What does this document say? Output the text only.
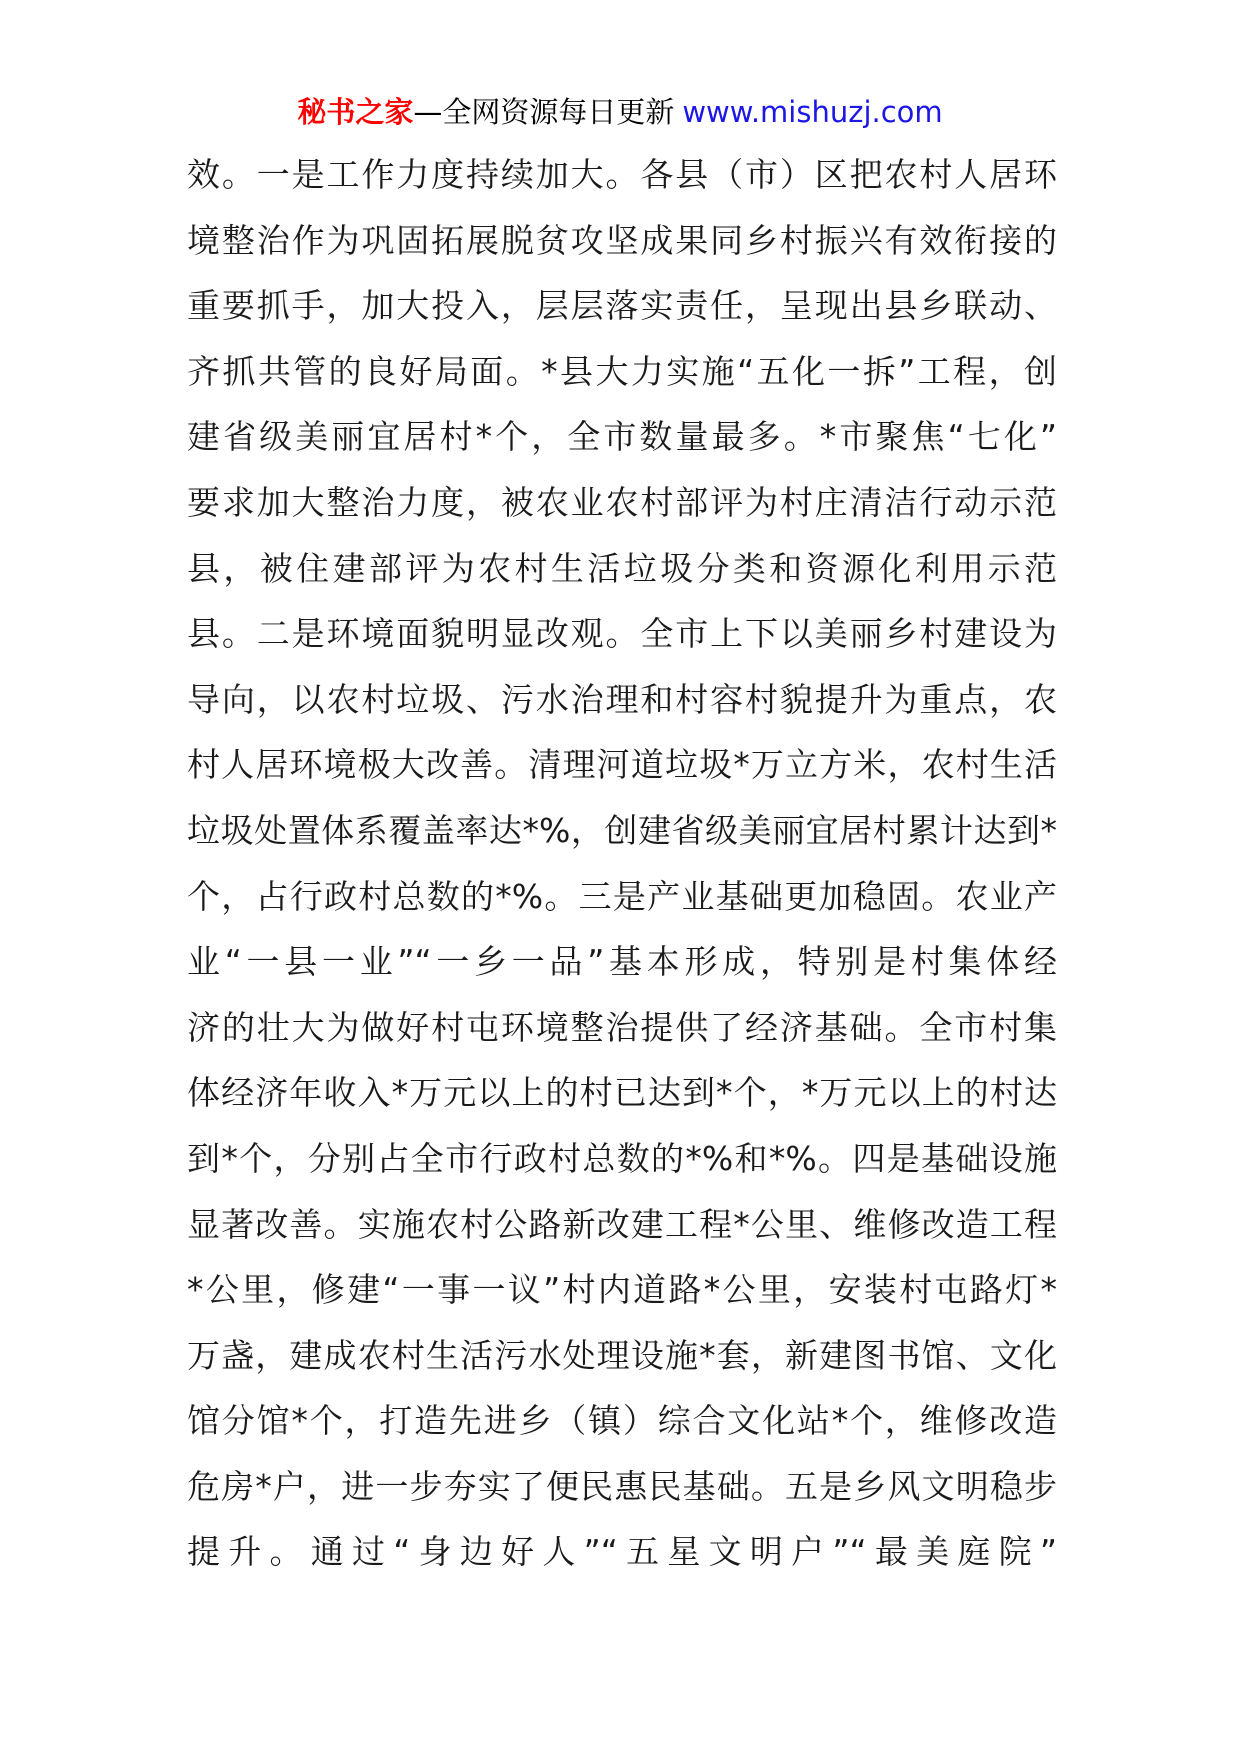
秘书之家—全网资源每日更新 www.mishuzj.com
效。一是工作力度持续加大。各县（市）区把农村人居环
境整治作为巩固拓展脱贫攻坚成果同乡村振兴有效衔接的
重要抓手，加大投入，层层落实责任，呈现出县乡联动、
齐抓共管的良好局面。*县大力实施“五化一拆”工程，创
建省级美丽宜居村*个，全市数量最多。*市聚焦“七化”
要求加大整治力度，被农业农村部评为村庄清洁行动示范
县，被住建部评为农村生活垃圾分类和资源化利用示范
县。二是环境面貌明显改观。全市上下以美丽乡村建设为
导向，以农村垃圾、污水治理和村容村貌提升为重点，农
村人居环境极大改善。清理河道垃圾*万立方米，农村生活
垃圾处置体系覆盖率达*%，创建省级美丽宜居村累计达到*
个，占行政村总数的*%。三是产业基础更加稳固。农业产
业“一县一业”“一乡一品”基本形成，特别是村集体经
济的壮大为做好村屯环境整治提供了经济基础。全市村集
体经济年收入*万元以上的村已达到*个，*万元以上的村达
到*个，分别占全市行政村总数的*%和*%。四是基础设施
显著改善。实施农村公路新改建工程*公里、维修改造工程
*公里，修建“一事一议”村内道路*公里，安装村屯路灯*
万盏，建成农村生活污水处理设施*套，新建图书馆、文化
馆分馆*个，打造先进乡（镇）综合文化站*个，维修改造
危房*户，进一步夯实了便民惠民基础。五是乡风文明稳步
提升。通过“身边好人”“五星文明户”“最美庭院”
